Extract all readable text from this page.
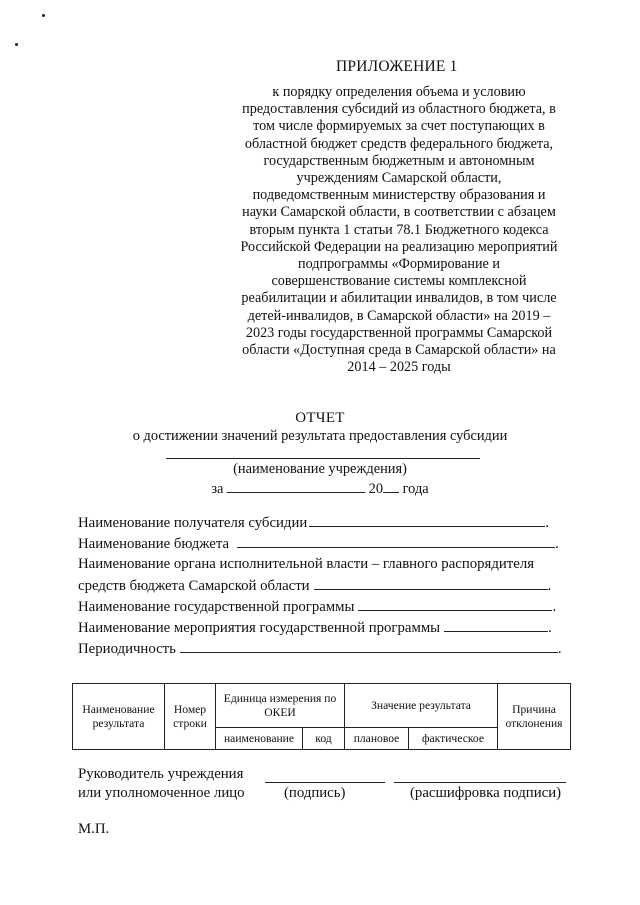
ПРИЛОЖЕНИЕ 1
к порядку определения объема и условию
предоставления субсидий из областного бюджета, в
том числе формируемых за счет поступающих в
областной бюджет средств федерального бюджета,
государственным бюджетным и автономным
учреждениям Самарской области,
подведомственным министерству образования и
науки Самарской области, в соответствии с абзацем
вторым пункта 1 статьи 78.1 Бюджетного кодекса
Российской Федерации на реализацию мероприятий
подпрограммы «Формирование и
совершенствование системы комплексной
реабилитации и абилитации инвалидов, в том числе
детей-инвалидов, в Самарской области» на 2019 –
2023 годы государственной программы Самарской
области «Доступная среда в Самарской области» на
2014 – 2025 годы
ОТЧЕТ
о достижении значений результата предоставления субсидии
(наименование учреждения)
за	20 года
Наименование получателя субсидии	.
Наименование бюджета	.
Наименование органа исполнительной власти – главного распорядителя
средств бюджета Самарской области	.
Наименование государственной программы	.
Наименование мероприятия государственной программы	.
Периодичность	.
Наименование результата	Номер строки	Единица измерения по ОКЕИ		Значение результата		Причина отклонения
		наименование	код	плановое	фактическое	
Руководитель учреждения
или уполномоченное лицо	(подпись)	(расшифровка подписи)
М.П.
